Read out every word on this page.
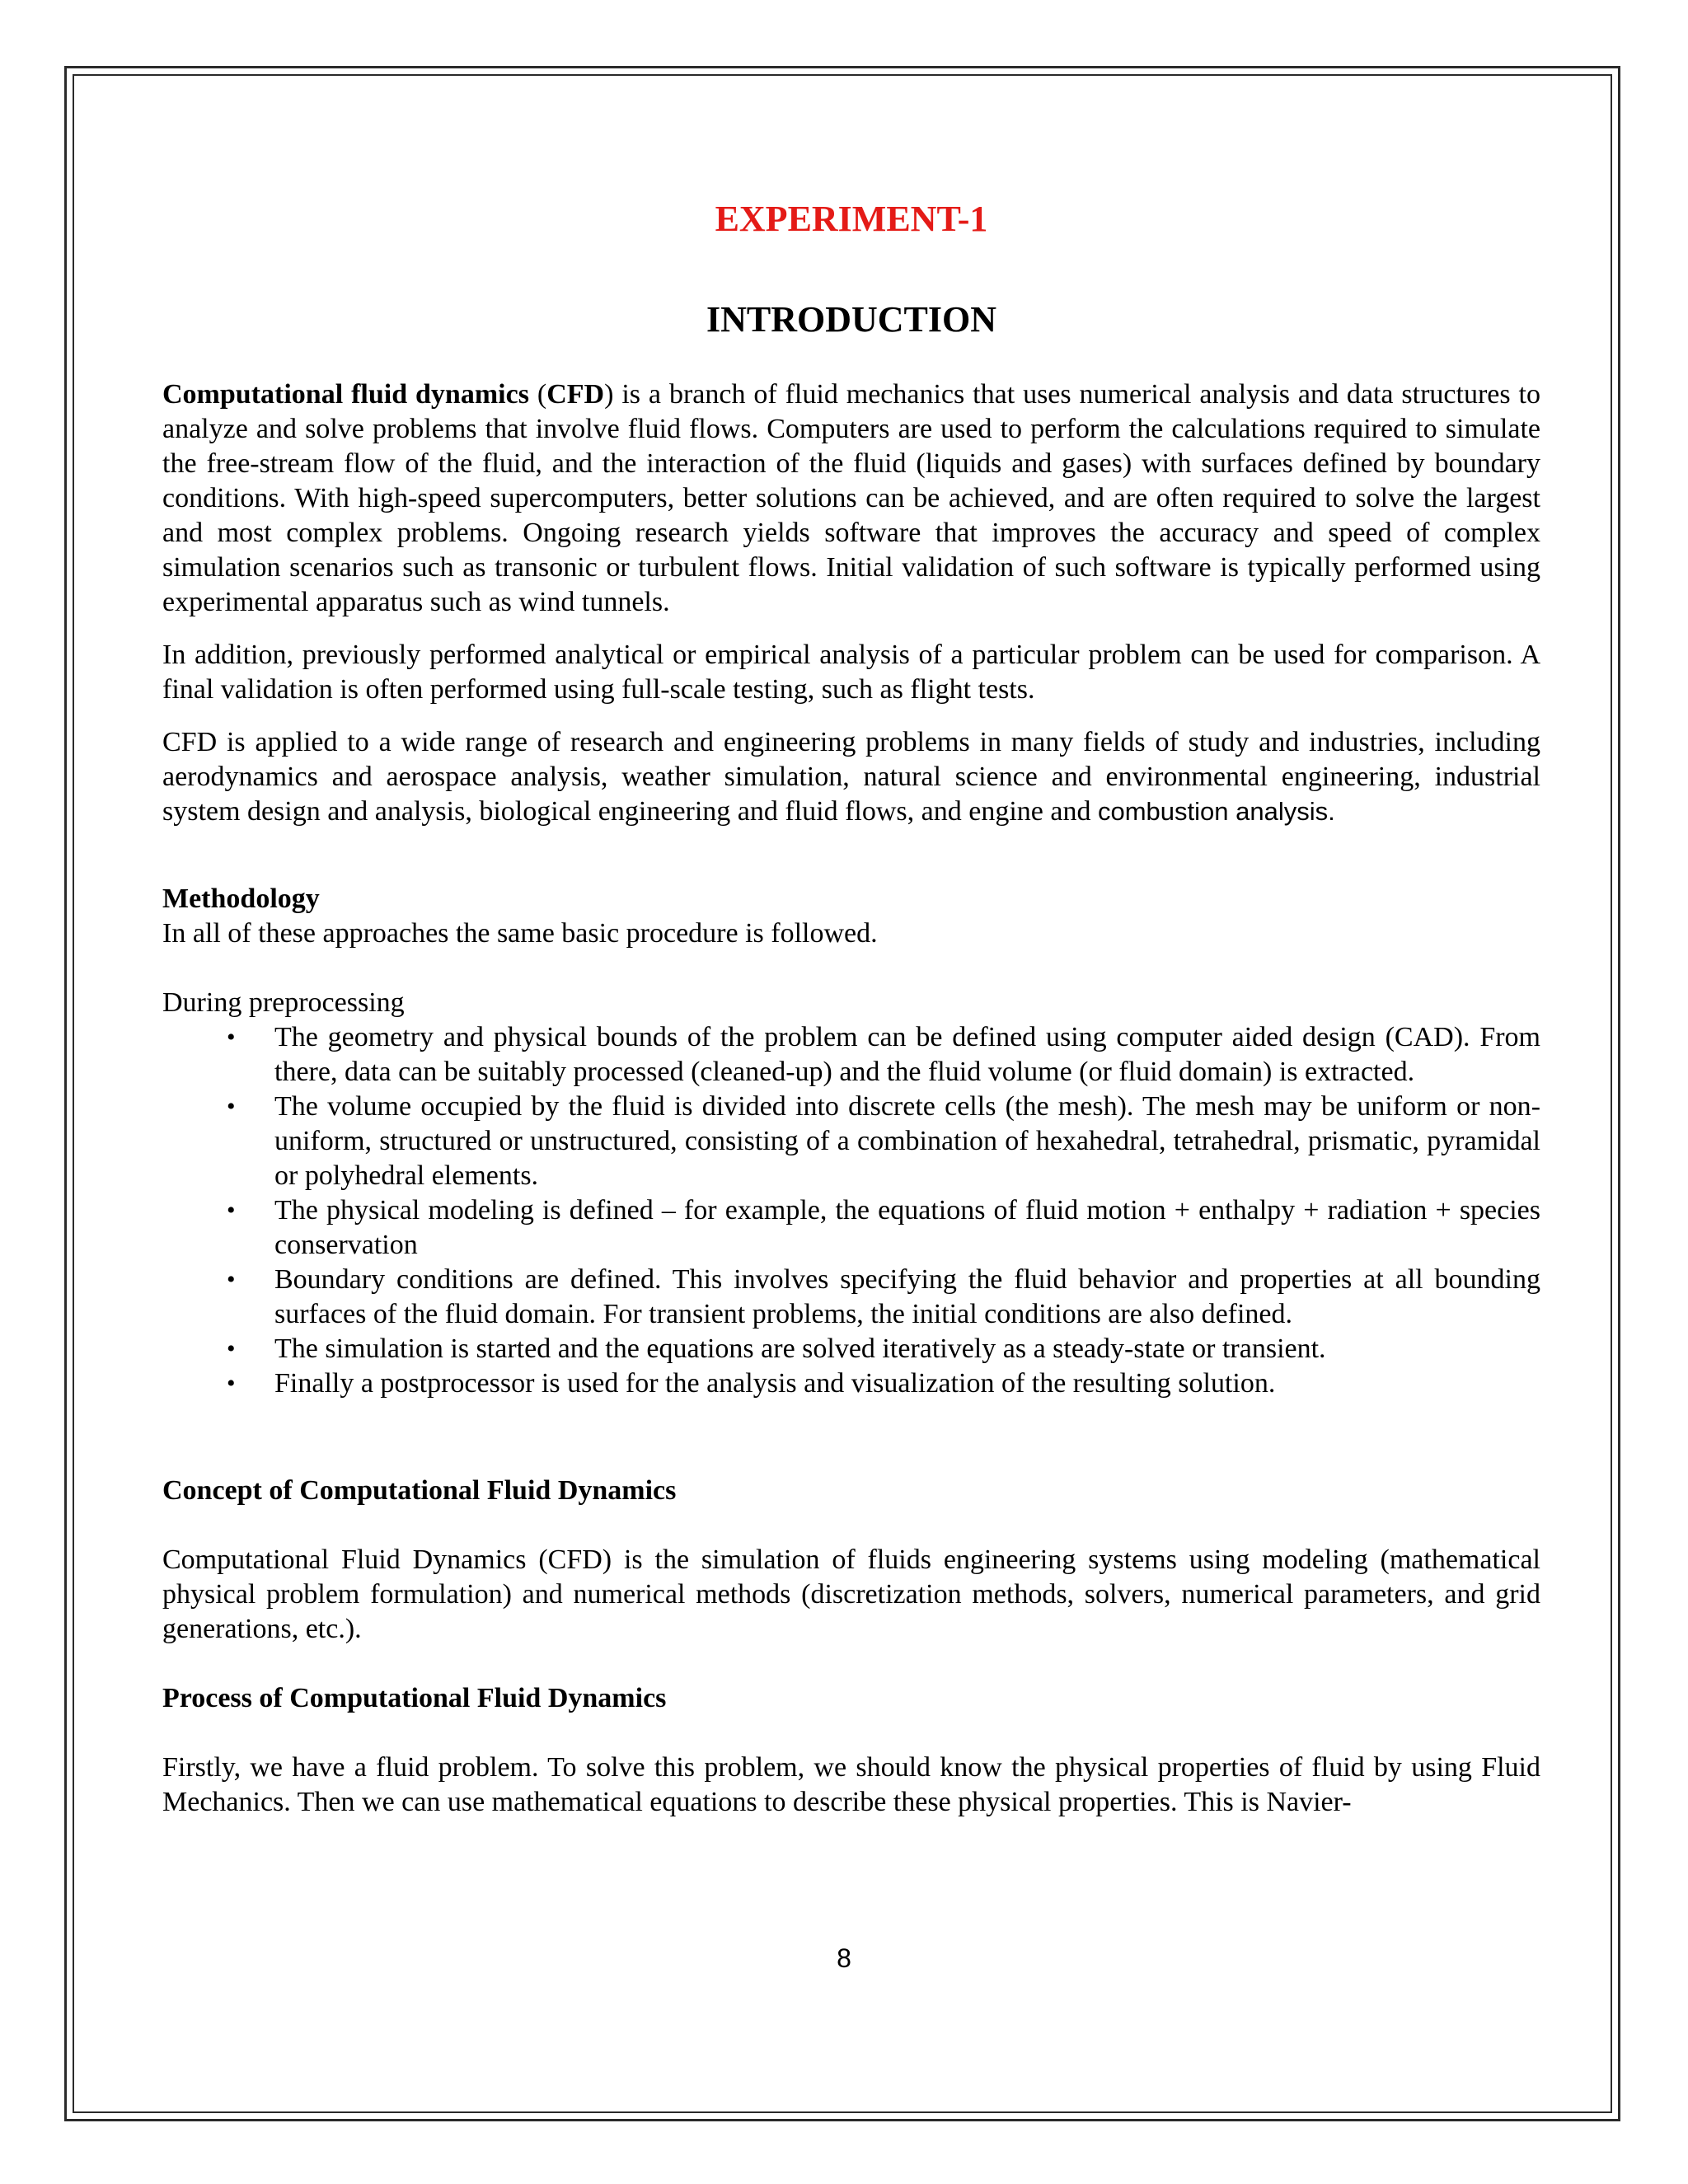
EXPERIMENT-1
INTRODUCTION

Computational fluid dynamics (CFD) is a branch of fluid mechanics that uses numerical analysis and data structures to analyze and solve problems that involve fluid flows. Computers are used to perform the calculations required to simulate the free-stream flow of the fluid, and the interaction of the fluid (liquids and gases) with surfaces defined by boundary conditions. With high-speed supercomputers, better solutions can be achieved, and are often required to solve the largest and most complex problems. Ongoing research yields software that improves the accuracy and speed of complex simulation scenarios such as transonic or turbulent flows. Initial validation of such software is typically performed using experimental apparatus such as wind tunnels.

In addition, previously performed analytical or empirical analysis of a particular problem can be used for comparison. A final validation is often performed using full-scale testing, such as flight tests.

CFD is applied to a wide range of research and engineering problems in many fields of study and industries, including aerodynamics and aerospace analysis, weather simulation, natural science and environmental engineering, industrial system design and analysis, biological engineering and fluid flows, and engine and combustion analysis.

Methodology

In all of these approaches the same basic procedure is followed.

During preprocessing

• The geometry and physical bounds of the problem can be defined using computer aided design (CAD). From there, data can be suitably processed (cleaned-up) and the fluid volume (or fluid domain) is extracted.
• The volume occupied by the fluid is divided into discrete cells (the mesh). The mesh may be uniform or non-uniform, structured or unstructured, consisting of a combination of hexahedral, tetrahedral, prismatic, pyramidal or polyhedral elements.
• The physical modeling is defined – for example, the equations of fluid motion + enthalpy + radiation + species conservation
• Boundary conditions are defined. This involves specifying the fluid behavior and properties at all bounding surfaces of the fluid domain. For transient problems, the initial conditions are also defined.
• The simulation is started and the equations are solved iteratively as a steady-state or transient.
• Finally a postprocessor is used for the analysis and visualization of the resulting solution.

Concept of Computational Fluid Dynamics

Computational Fluid Dynamics (CFD) is the simulation of fluids engineering systems using modeling (mathematical physical problem formulation) and numerical methods (discretization methods, solvers, numerical parameters, and grid generations, etc.).

Process of Computational Fluid Dynamics

Firstly, we have a fluid problem. To solve this problem, we should know the physical properties of fluid by using Fluid Mechanics. Then we can use mathematical equations to describe these physical properties. This is Navier-

8
